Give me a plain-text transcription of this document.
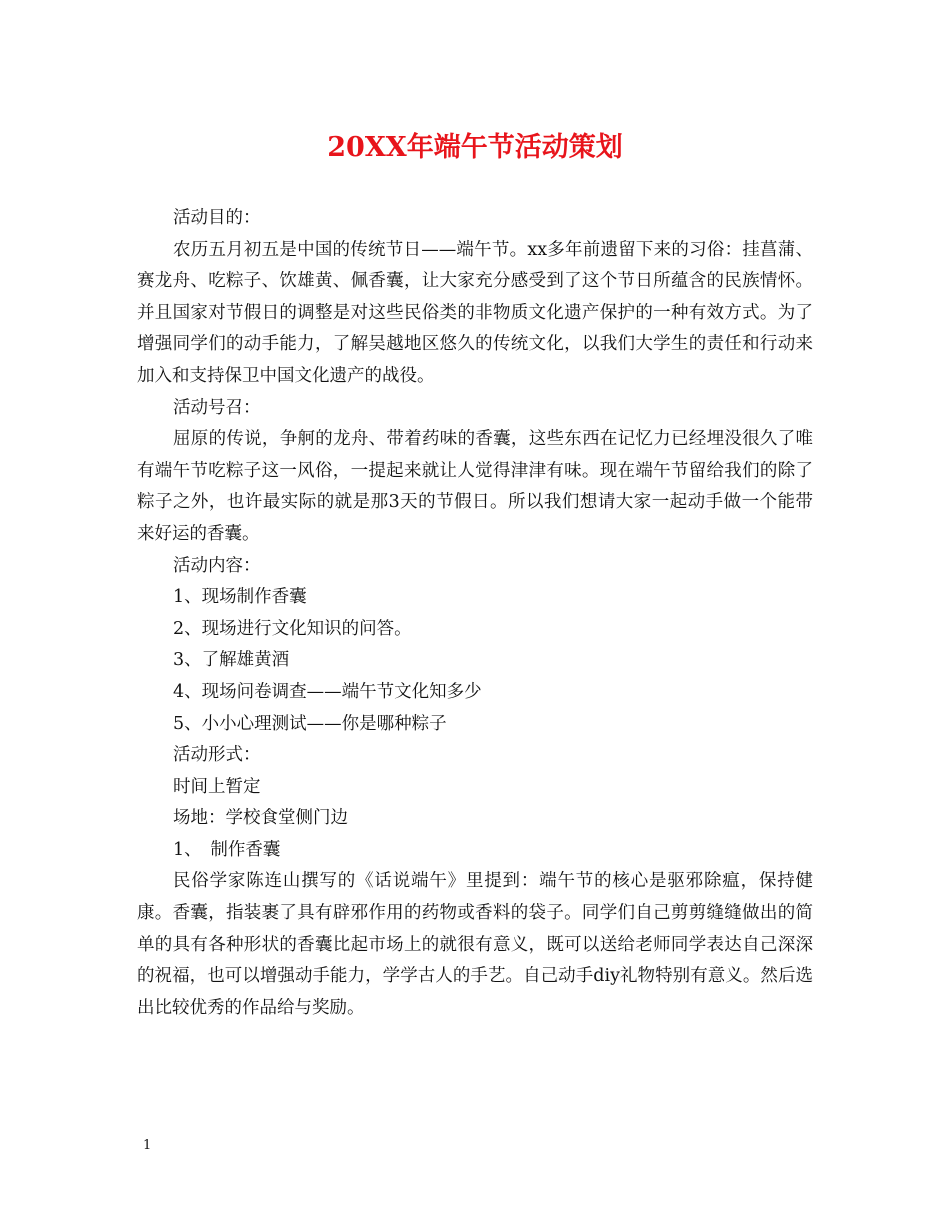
20XX年端午节活动策划

活动目的：

农历五月初五是中国的传统节日——端午节。xx多年前遗留下来的习俗：挂菖蒲、赛龙舟、吃粽子、饮雄黄、佩香囊，让大家充分感受到了这个节日所蕴含的民族情怀。并且国家对节假日的调整是对这些民俗类的非物质文化遗产保护的一种有效方式。为了增强同学们的动手能力，了解吴越地区悠久的传统文化，以我们大学生的责任和行动来加入和支持保卫中国文化遗产的战役。

活动号召：

屈原的传说，争舸的龙舟、带着药味的香囊，这些东西在记忆力已经埋没很久了唯有端午节吃粽子这一风俗，一提起来就让人觉得津津有味。现在端午节留给我们的除了粽子之外，也许最实际的就是那3天的节假日。所以我们想请大家一起动手做一个能带来好运的香囊。

活动内容：

1、现场制作香囊

2、现场进行文化知识的问答。

3、了解雄黄酒

4、现场问卷调查——端午节文化知多少

5、小小心理测试——你是哪种粽子

活动形式：

时间上暂定

场地：学校食堂侧门边

1、　制作香囊

民俗学家陈连山撰写的《话说端午》里提到：端午节的核心是驱邪除瘟，保持健康。香囊，指装裹了具有辟邪作用的药物或香料的袋子。同学们自己剪剪缝缝做出的简单的具有各种形状的香囊比起市场上的就很有意义，既可以送给老师同学表达自己深深的祝福，也可以增强动手能力，学学古人的手艺。自己动手diy礼物特别有意义。然后选出比较优秀的作品给与奖励。

1
